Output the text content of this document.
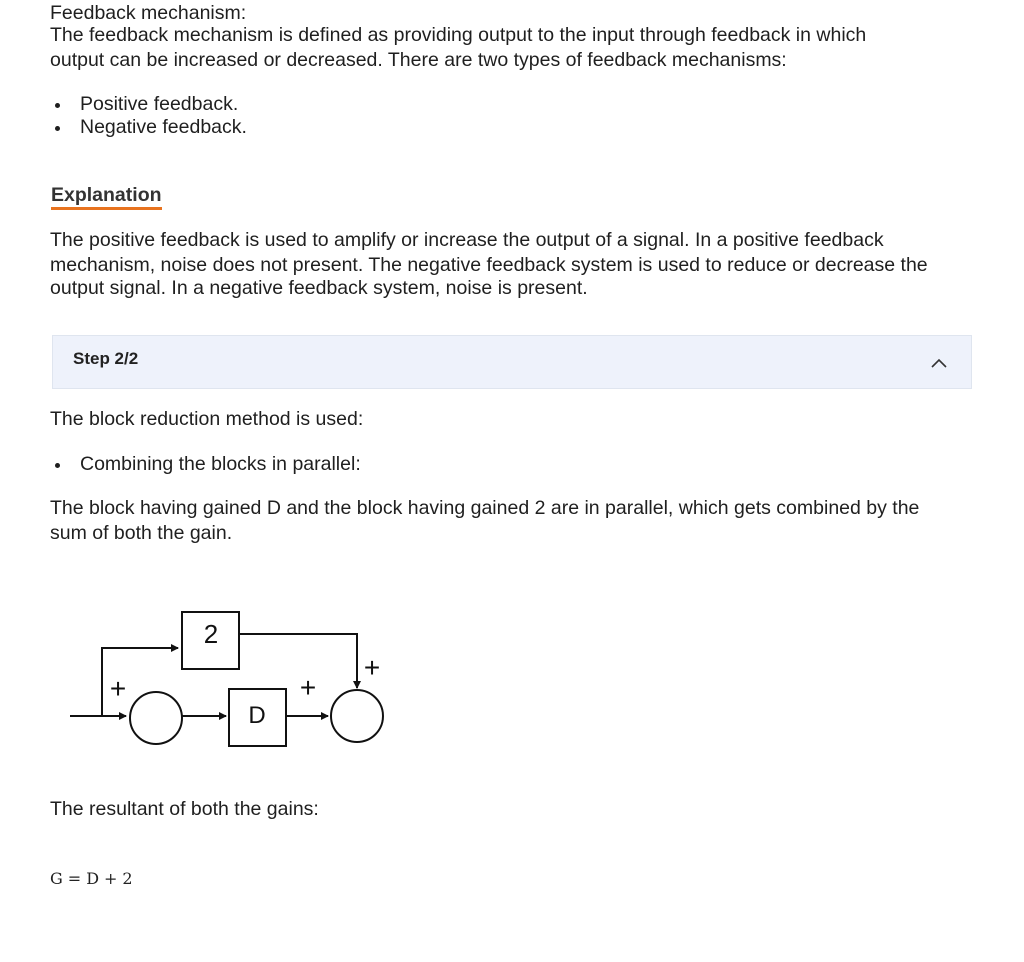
Feedback mechanism:

The feedback mechanism is defined as providing output to the input through feedback in which

output can be increased or decreased. There are two types of feedback mechanisms:

Positive feedback.
Negative feedback.
Explanation

The positive feedback is used to amplify or increase the output of a signal. In a positive feedback

mechanism, noise does not present. The negative feedback system is used to reduce or decrease the

output signal. In a negative feedback system, noise is present.

Step 2/2

The block reduction method is used:

Combining the blocks in parallel:

The block having gained D and the block having gained 2 are in parallel, which gets combined by the

sum of both the gain.

2
D
+	+
+

The resultant of both the gains:

G = D + 2
